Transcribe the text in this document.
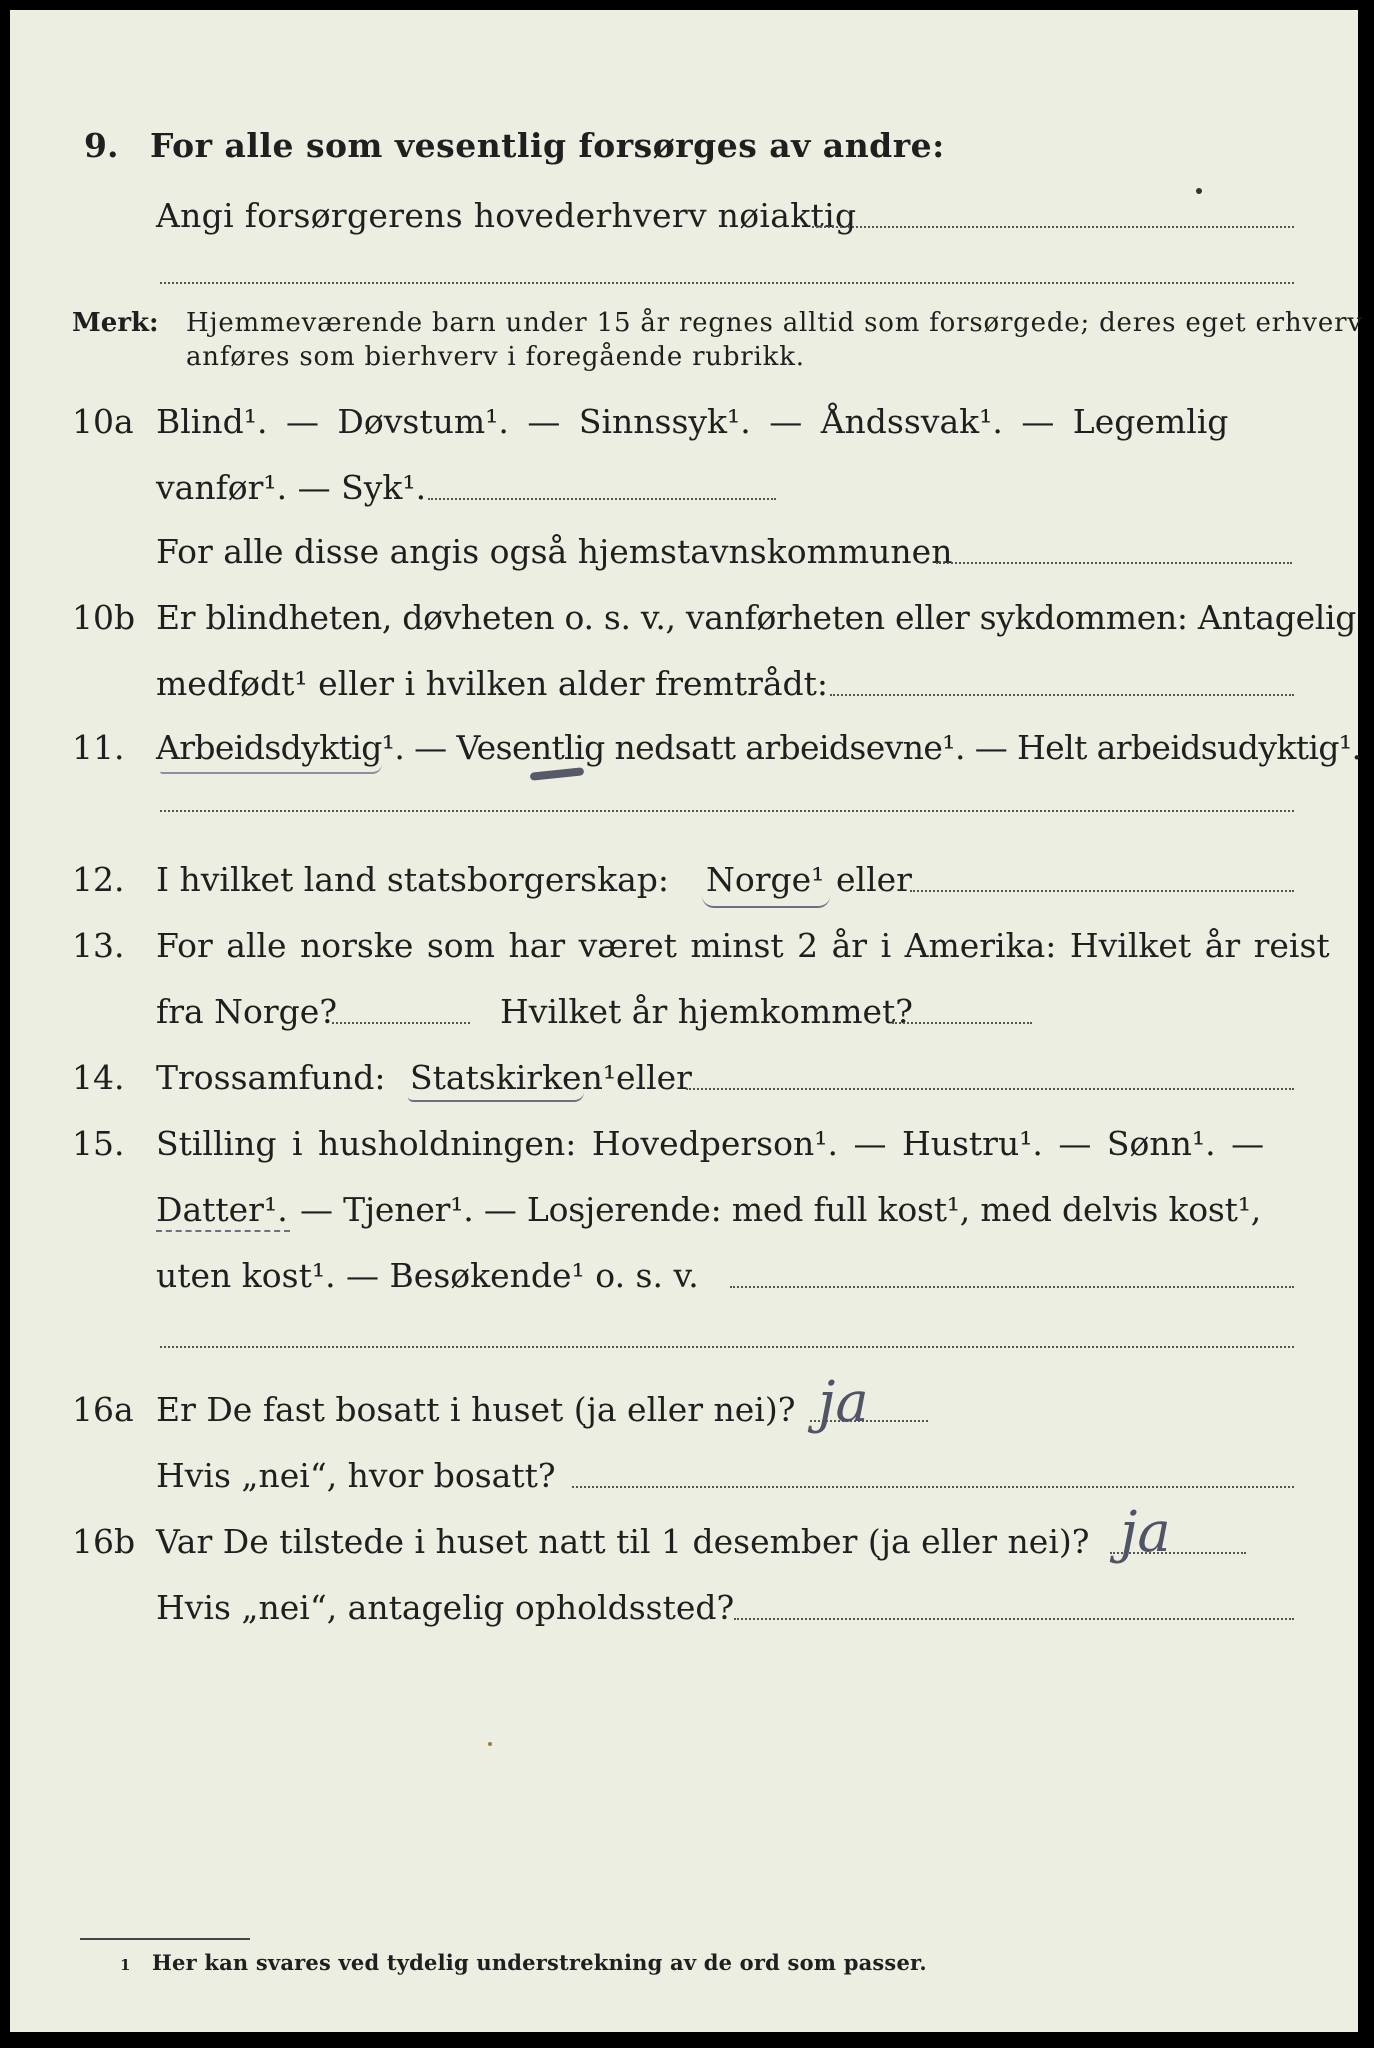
9. For alle som vesentlig forsørges av andre:
Angi forsørgerens hovederhverv nøiaktig
Merk: Hjemmeværende barn under 15 år regnes alltid som forsørgede; deres eget erhverv
anføres som bierhverv i foregående rubrikk.
10a Blind¹. — Døvstum¹. — Sinnssyk¹. — Åndssvak¹. — Legemlig
vanfør¹. — Syk¹.
For alle disse angis også hjemstavnskommunen
10b Er blindheten, døvheten o. s. v., vanførheten eller sykdommen: Antagelig
medfødt¹ eller i hvilken alder fremtrådt:
11. Arbeidsdyktig¹. — Vesentlig nedsatt arbeidsevne¹. — Helt arbeidsudyktig¹.
12. I hvilket land statsborgerskap: Norge¹ eller
13. For alle norske som har været minst 2 år i Amerika: Hvilket år reist
fra Norge?	Hvilket år hjemkommet?
14. Trossamfund: Statskirken¹ eller
15. Stilling i husholdningen: Hovedperson¹. — Hustru¹. — Sønn¹. —
Datter¹. — Tjener¹. — Losjerende: med full kost¹, med delvis kost¹,
uten kost¹. — Besøkende¹ o. s. v.
16a Er De fast bosatt i huset (ja eller nei)? ja
Hvis „nei“, hvor bosatt?
16b Var De tilstede i huset natt til 1 desember (ja eller nei)? ja
Hvis „nei“, antagelig opholdssted?
1 Her kan svares ved tydelig understrekning av de ord som passer.
